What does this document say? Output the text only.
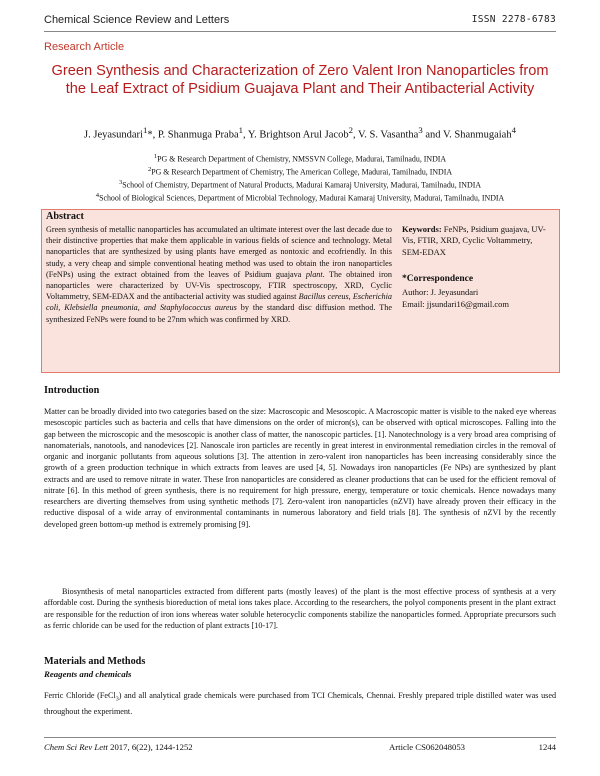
Chemical Science Review and Letters	ISSN 2278-6783
Research Article
Green Synthesis and Characterization of Zero Valent Iron Nanoparticles from the Leaf Extract of Psidium Guajava Plant and Their Antibacterial Activity
J. Jeyasundari$^1$*, P. Shanmuga Praba$^1$, Y. Brightson Arul Jacob$^2$, V. S. Vasantha$^3$ and V. Shanmugaiah$^4$
$^1$PG & Research Department of Chemistry, NMSSVN College, Madurai, Tamilnadu, INDIA
$^2$PG & Research Department of Chemistry, The American College, Madurai, Tamilnadu, INDIA
$^3$School of Chemistry, Department of Natural Products, Madurai Kamaraj University, Madurai, Tamilnadu, INDIA
$^4$School of Biological Sciences, Department of Microbial Technology, Madurai Kamaraj University, Madurai, Tamilnadu, INDIA
Abstract
Green synthesis of metallic nanoparticles has accumulated an ultimate interest over the last decade due to their distinctive properties that make them applicable in various fields of science and technology. Metal nanoparticles that are synthesized by using plants have emerged as nontoxic and ecofriendly. In this study, a very cheap and simple conventional heating method was used to obtain the iron nanoparticles (FeNPs) using the extract obtained from the leaves of Psidium guajava plant. The obtained iron nanoparticles were characterized by UV-Vis spectroscopy, FTIR spectroscopy, XRD, Cyclic Voltammetry, SEM-EDAX and the antibacterial activity was studied against Bacillus cereus, Escherichia coli, Klebsiella pneumonia, and Staphylococcus aureus by the standard disc diffusion method. The synthesized FeNPs were found to be 27nm which was confirmed by XRD.
Keywords: FeNPs, Psidium guajava, UV-Vis, FTIR, XRD, Cyclic Voltammetry, SEM-EDAX
*Correspondence
Author: J. Jeyasundari
Email: jjsundari16@gmail.com
Introduction
Matter can be broadly divided into two categories based on the size: Macroscopic and Mesoscopic. A Macroscopic matter is visible to the naked eye whereas mesoscopic particles such as bacteria and cells that have dimensions on the order of micron(s), can be observed with optical microscopes. Falling into the gap between the microscopic and the mesoscopic is another class of matter, the nanoscopic particles. [1]. Nanotechnology is a very broad area comprising of nanomaterials, nanotools, and nanodevices [2]. Nanoscale iron particles are recently in great interest in environmental remediation circles in the removal of organic and inorganic pollutants from aqueous solutions [3]. The attention in zero-valent iron nanoparticles has been increasing considerably since the growth of a green production technique in which extracts from leaves are used [4, 5]. Nowadays iron nanoparticles (Fe NPs) are synthesized by plant extracts and are used to remove nitrate in water. These Iron nanoparticles are considered as cleaner productions that can be used for the efficient removal of nitrate [6]. In this method of green synthesis, there is no requirement for high pressure, energy, temperature or toxic chemicals. Hence nowadays many researchers are diverting themselves from using synthetic methods [7]. Zero-valent iron nanoparticles (nZVI) have already proven their efficacy in the reductive disposal of a wide array of environmental contaminants in numerous laboratory and field trials [8]. The synthesis of nZVI by the recently developed green bottom-up method is extremely promising [9].
Biosynthesis of metal nanoparticles extracted from different parts (mostly leaves) of the plant is the most effective process of synthesis at a very affordable cost. During the synthesis bioreduction of metal ions takes place. According to the researchers, the polyol components present in the plant extract are responsible for the reduction of iron ions whereas water soluble heterocyclic components stabilize the nanoparticles formed. Appropriate precursors such as ferric chloride can be used for the reduction of plant extracts [10-17].
Materials and Methods
Reagents and chemicals
Ferric Chloride (FeCl$_3$) and all analytical grade chemicals were purchased from TCI Chemicals, Chennai. Freshly prepared triple distilled water was used throughout the experiment.
Chem Sci Rev Lett 2017, 6(22), 1244-1252	Article CS062048053	1244
